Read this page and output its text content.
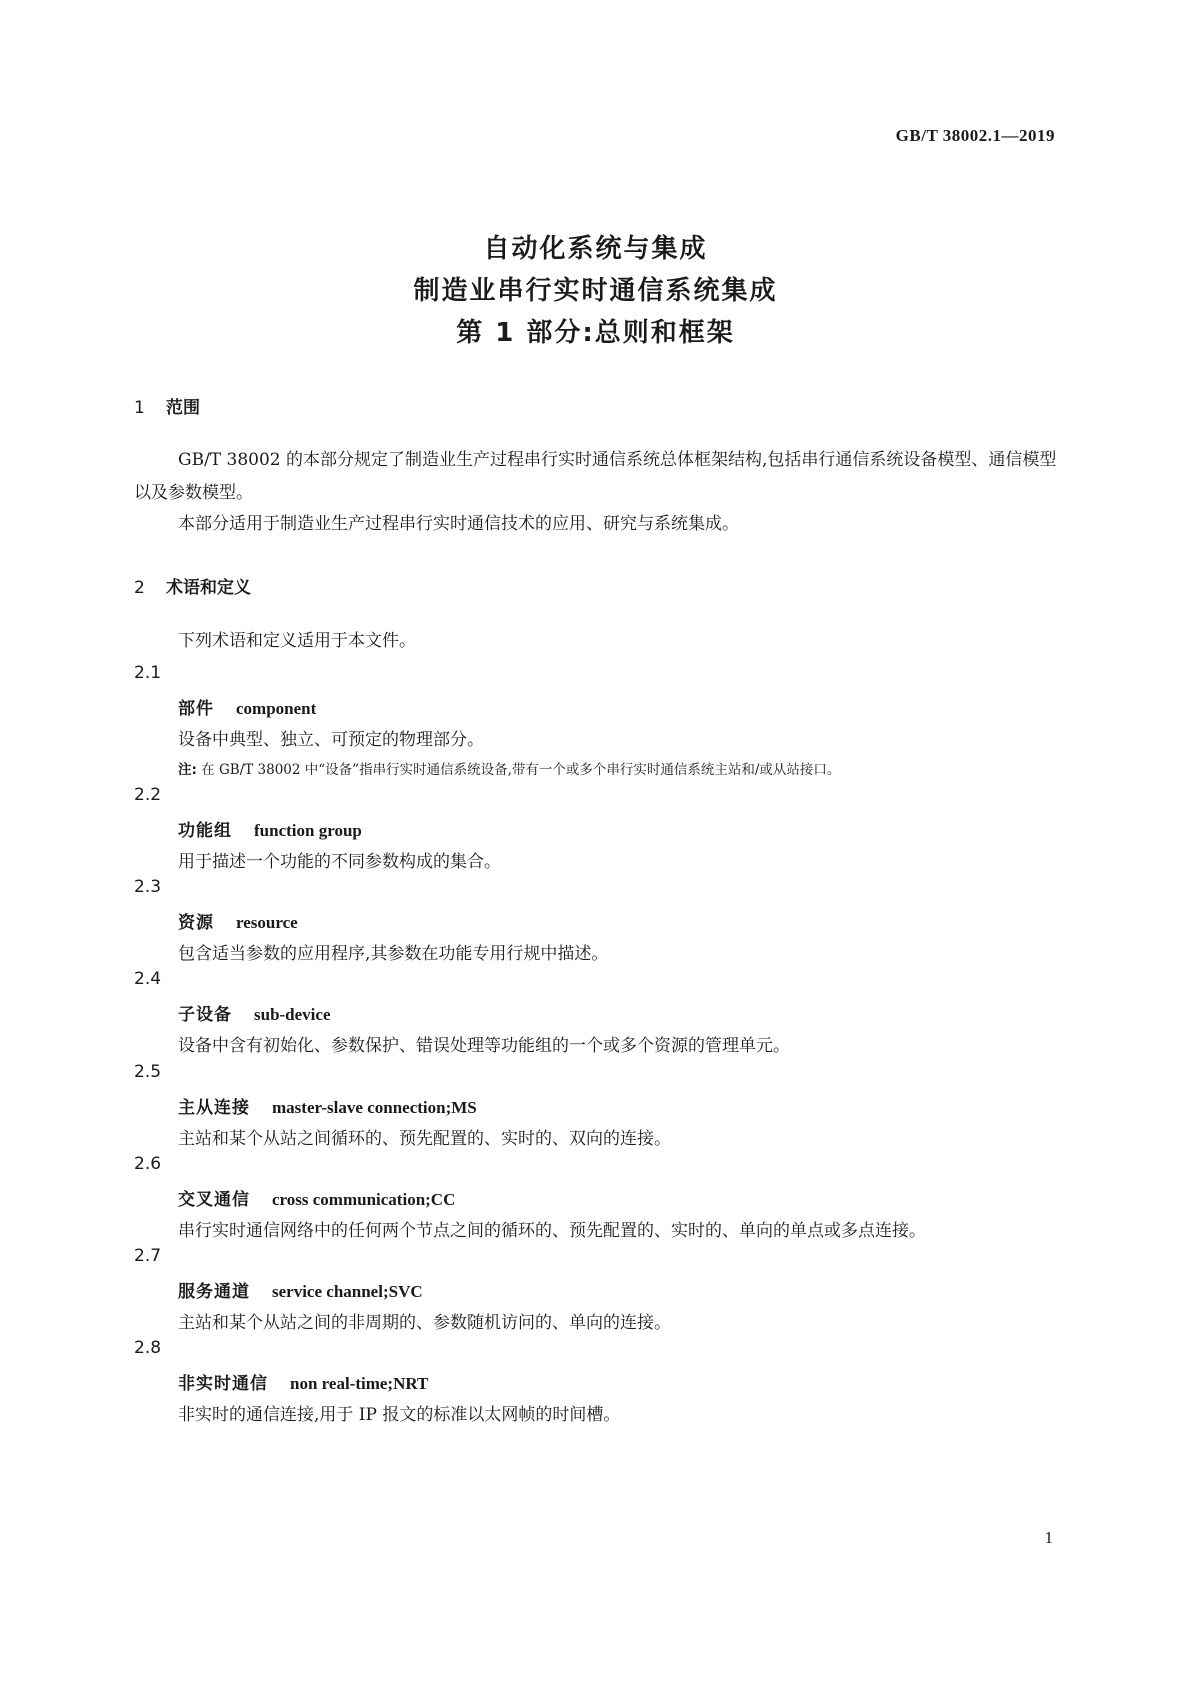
GB/T 38002.1—2019
自动化系统与集成
制造业串行实时通信系统集成
第 1 部分:总则和框架
1 范围
GB/T 38002 的本部分规定了制造业生产过程串行实时通信系统总体框架结构,包括串行通信系统设备模型、通信模型以及参数模型。
本部分适用于制造业生产过程串行实时通信技术的应用、研究与系统集成。
2 术语和定义
下列术语和定义适用于本文件。
2.1
部件 component
设备中典型、独立、可预定的物理部分。
注: 在 GB/T 38002 中“设备”指串行实时通信系统设备,带有一个或多个串行实时通信系统主站和/或从站接口。
2.2
功能组 function group
用于描述一个功能的不同参数构成的集合。
2.3
资源 resource
包含适当参数的应用程序,其参数在功能专用行规中描述。
2.4
子设备 sub-device
设备中含有初始化、参数保护、错误处理等功能组的一个或多个资源的管理单元。
2.5
主从连接 master-slave connection;MS
主站和某个从站之间循环的、预先配置的、实时的、双向的连接。
2.6
交叉通信 cross communication;CC
串行实时通信网络中的任何两个节点之间的循环的、预先配置的、实时的、单向的单点或多点连接。
2.7
服务通道 service channel;SVC
主站和某个从站之间的非周期的、参数随机访问的、单向的连接。
2.8
非实时通信 non real-time;NRT
非实时的通信连接,用于 IP 报文的标准以太网帧的时间槽。
1
